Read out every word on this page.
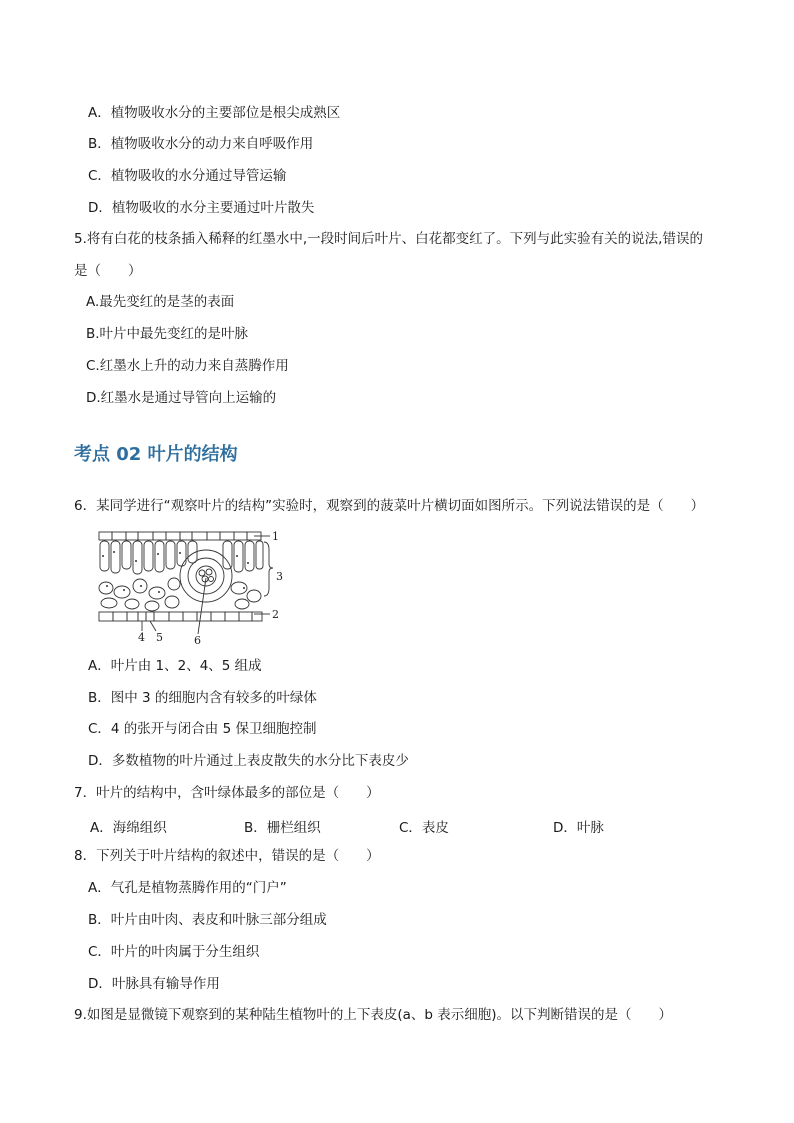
A．植物吸收水分的主要部位是根尖成熟区
B．植物吸收水分的动力来自呼吸作用
C．植物吸收的水分通过导管运输
D．植物吸收的水分主要通过叶片散失
5.将有白花的枝条插入稀释的红墨水中,一段时间后叶片、白花都变红了。下列与此实验有关的说法,错误的
是（　　）
A.最先变红的是茎的表面
B.叶片中最先变红的是叶脉
C.红墨水上升的动力来自蒸腾作用
D.红墨水是通过导管向上运输的
考点 02 叶片的结构
6．某同学进行“观察叶片的结构”实验时，观察到的菠菜叶片横切面如图所示。下列说法错误的是（　　）
1
3
2
4 5	6
A．叶片由 1、2、4、5 组成
B．图中 3 的细胞内含有较多的叶绿体
C．4 的张开与闭合由 5 保卫细胞控制
D．多数植物的叶片通过上表皮散失的水分比下表皮少
7．叶片的结构中，含叶绿体最多的部位是（　　）
A．海绵组织	B．栅栏组织	C．表皮	D．叶脉
8．下列关于叶片结构的叙述中，错误的是（　　）
A．气孔是植物蒸腾作用的“门户”
B．叶片由叶肉、表皮和叶脉三部分组成
C．叶片的叶肉属于分生组织
D．叶脉具有输导作用
9.如图是显微镜下观察到的某种陆生植物叶的上下表皮(a、b 表示细胞)。以下判断错误的是（　　）
